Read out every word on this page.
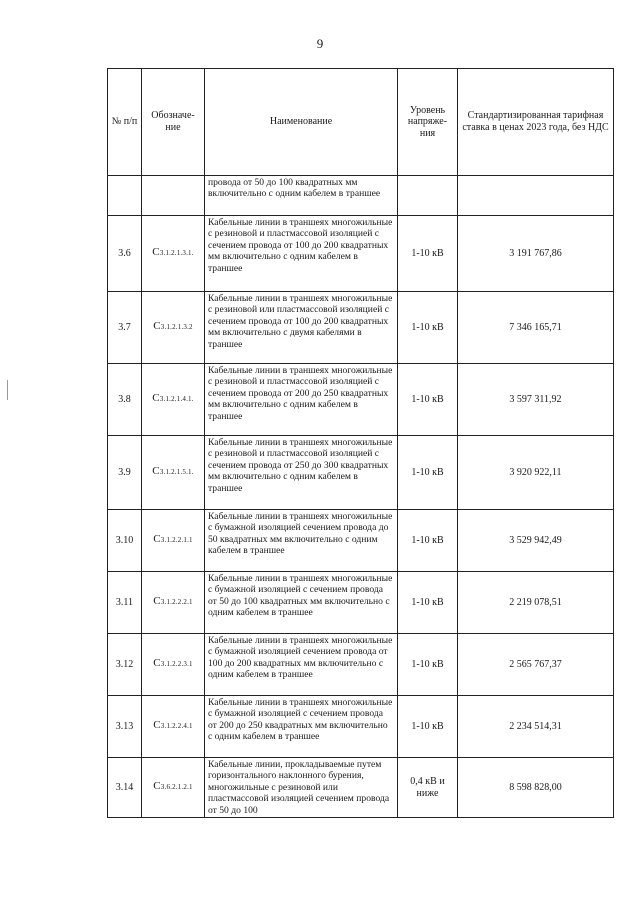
9
№ п/п	Обозначе-ние	Наименование	Уровень напряже-ния	Стандартизированная тарифная ставка в ценах 2023 года, без НДС
		провода от 50 до 100 квадратных мм включительно с одним кабелем в траншее		
3.6	С3.1.2.1.3.1.	Кабельные линии в траншеях многожильные с резиновой и пластмассовой изоляцией с сечением провода от 100 до 200 квадратных мм включительно с одним кабелем в траншее	1-10 кВ	3 191 767,86
3.7	С3.1.2.1.3.2	Кабельные линии в траншеях многожильные с резиновой или пластмассовой изоляцией с сечением провода от 100 до 200 квадратных мм включительно с двумя кабелями в траншее	1-10 кВ	7 346 165,71
3.8	С3.1.2.1.4.1.	Кабельные линии в траншеях многожильные с резиновой и пластмассовой изоляцией с сечением провода от 200 до 250 квадратных мм включительно с одним кабелем в траншее	1-10 кВ	3 597 311,92
3.9	С3.1.2.1.5.1.	Кабельные линии в траншеях многожильные с резиновой и пластмассовой изоляцией с сечением провода от 250 до 300 квадратных мм включительно с одним кабелем в траншее	1-10 кВ	3 920 922,11
3.10	С3.1.2.2.1.1	Кабельные линии в траншеях многожильные с бумажной изоляцией сечением провода до 50 квадратных мм включительно с одним кабелем в траншее	1-10 кВ	3 529 942,49
3.11	С3.1.2.2.2.1	Кабельные линии в траншеях многожильные с бумажной изоляцией с сечением провода от 50 до 100 квадратных мм включительно с одним кабелем в траншее	1-10 кВ	2 219 078,51
3.12	С3.1.2.2.3.1	Кабельные линии в траншеях многожильные с бумажной изоляцией сечением провода от 100 до 200 квадратных мм включительно с одним кабелем в траншее	1-10 кВ	2 565 767,37
3.13	С3.1.2.2.4.1	Кабельные линии в траншеях многожильные с бумажной изоляцией с сечением провода от 200 до 250 квадратных мм включительно с одним кабелем в траншее	1-10 кВ	2 234 514,31
3.14	С3.6.2.1.2.1	Кабельные линии, прокладываемые путем горизонтального наклонного бурения, многожильные с резиновой или пластмассовой изоляцией сечением провода от 50 до 100	0,4 кВ и ниже	8 598 828,00
